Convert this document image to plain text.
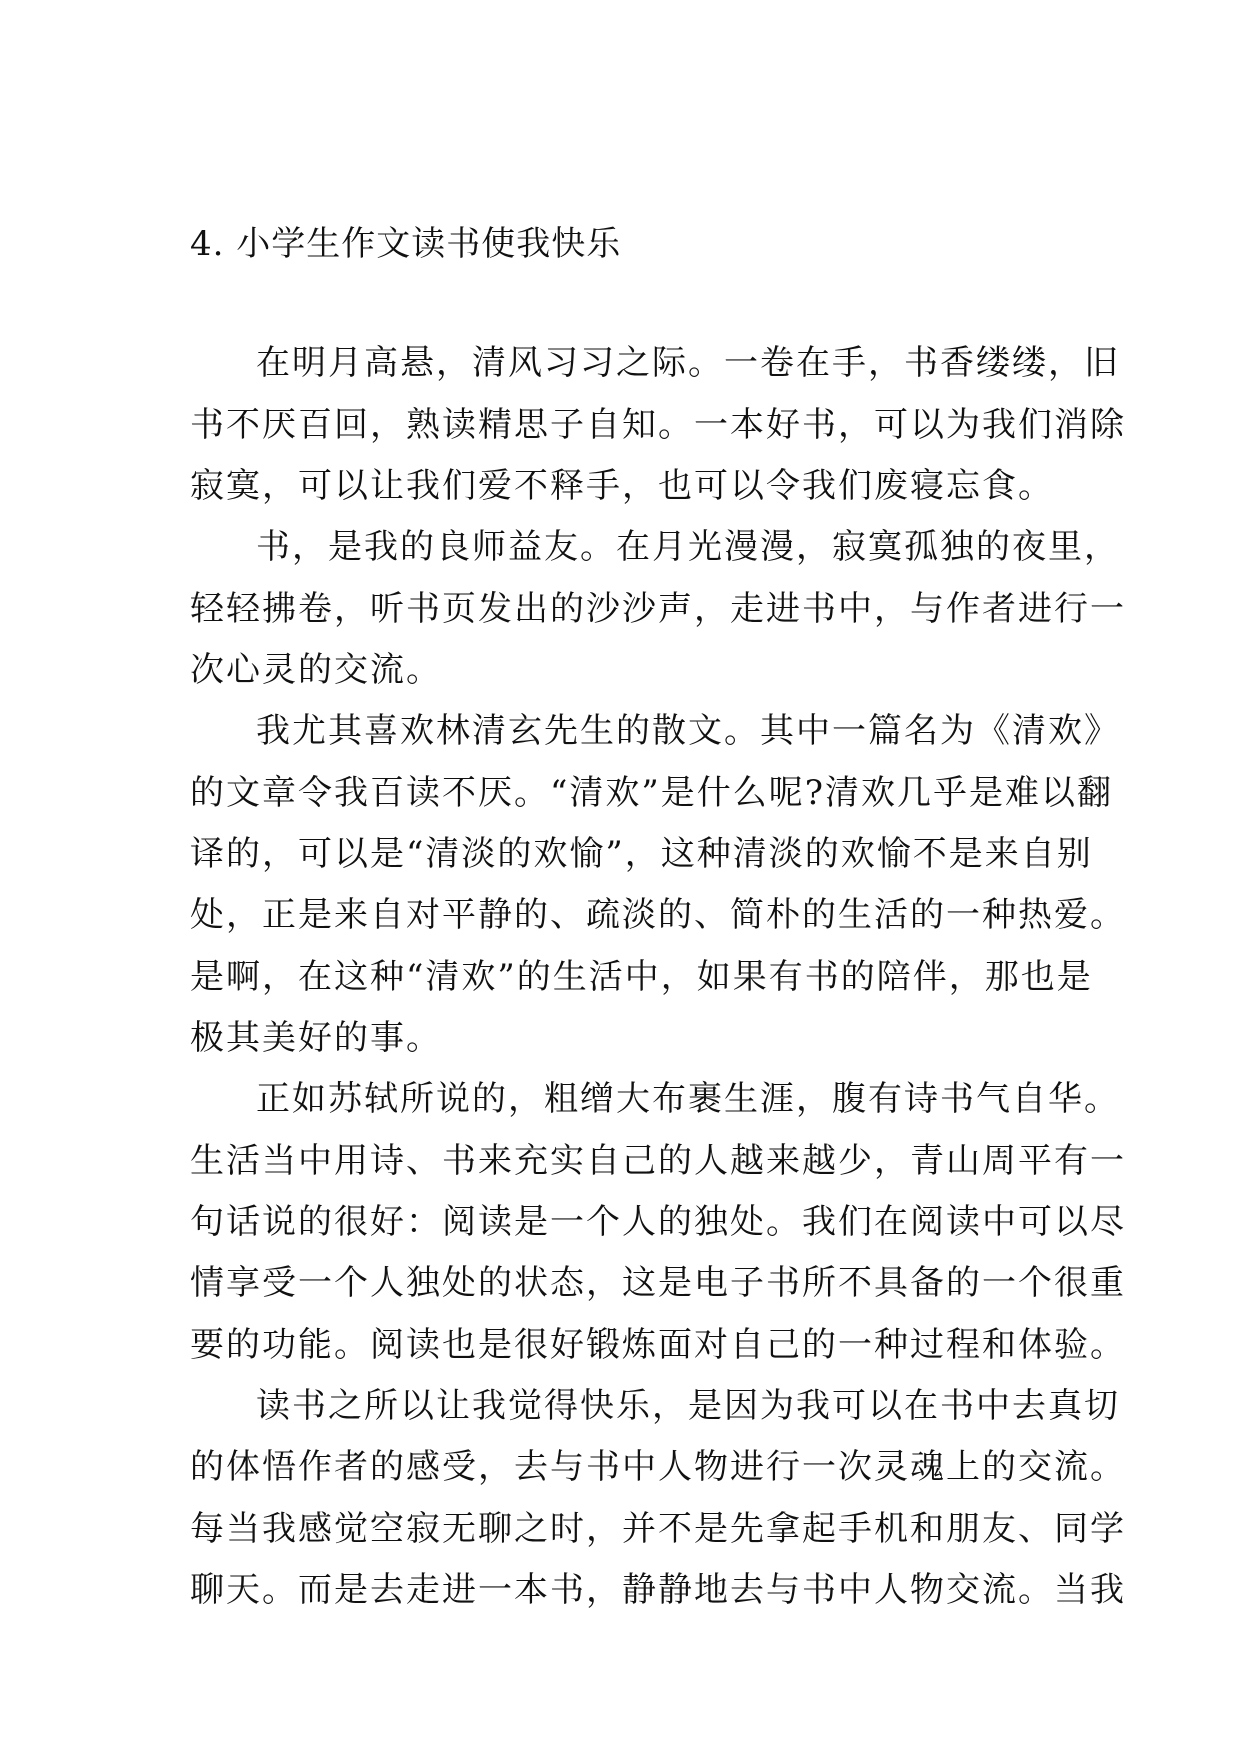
4. 小学生作文读书使我快乐
在明月高悬，清风习习之际。一卷在手，书香缕缕，旧
书不厌百回，熟读精思子自知。一本好书，可以为我们消除
寂寞，可以让我们爱不释手，也可以令我们废寝忘食。
书，是我的良师益友。在月光漫漫，寂寞孤独的夜里，
轻轻拂卷，听书页发出的沙沙声，走进书中，与作者进行一
次心灵的交流。
我尤其喜欢林清玄先生的散文。其中一篇名为《清欢》
的文章令我百读不厌。“清欢”是什么呢?清欢几乎是难以翻
译的，可以是“清淡的欢愉”，这种清淡的欢愉不是来自别
处，正是来自对平静的、疏淡的、简朴的生活的一种热爱。
是啊，在这种“清欢”的生活中，如果有书的陪伴，那也是
极其美好的事。
正如苏轼所说的，粗缯大布裹生涯，腹有诗书气自华。
生活当中用诗、书来充实自己的人越来越少，青山周平有一
句话说的很好：阅读是一个人的独处。我们在阅读中可以尽
情享受一个人独处的状态，这是电子书所不具备的一个很重
要的功能。阅读也是很好锻炼面对自己的一种过程和体验。
读书之所以让我觉得快乐，是因为我可以在书中去真切
的体悟作者的感受，去与书中人物进行一次灵魂上的交流。
每当我感觉空寂无聊之时，并不是先拿起手机和朋友、同学
聊天。而是去走进一本书，静静地去与书中人物交流。当我
